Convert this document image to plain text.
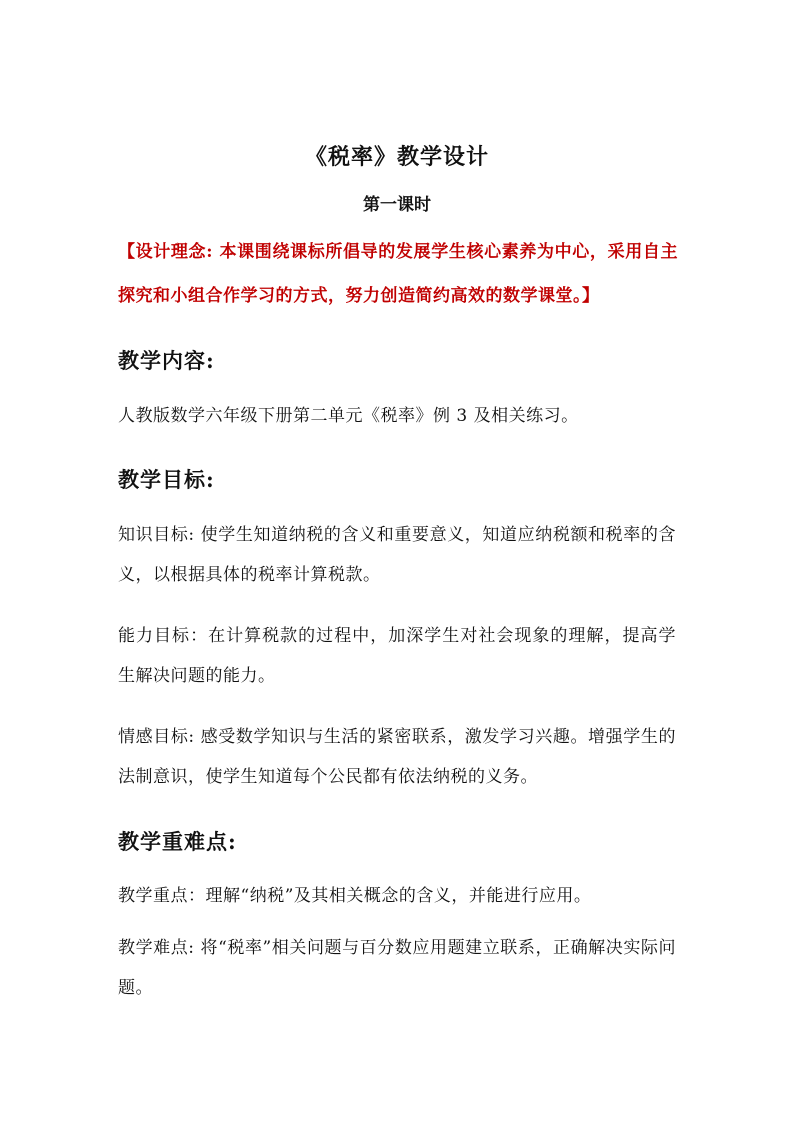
《税率》教学设计
第一课时
【设计理念: 本课围绕课标所倡导的发展学生核心素养为中心，采用自主探究和小组合作学习的方式，努力创造简约高效的数学课堂。】
教学内容:
人教版数学六年级下册第二单元《税率》例 3 及相关练习。
教学目标:
知识目标: 使学生知道纳税的含义和重要意义，知道应纳税额和税率的含义，以根据具体的税率计算税款。
能力目标：在计算税款的过程中，加深学生对社会现象的理解，提高学生解决问题的能力。
情感目标: 感受数学知识与生活的紧密联系，激发学习兴趣。增强学生的法制意识，使学生知道每个公民都有依法纳税的义务。
教学重难点:
教学重点：理解“纳税”及其相关概念的含义，并能进行应用。
教学难点: 将“税率”相关问题与百分数应用题建立联系，正确解决实际问题。
